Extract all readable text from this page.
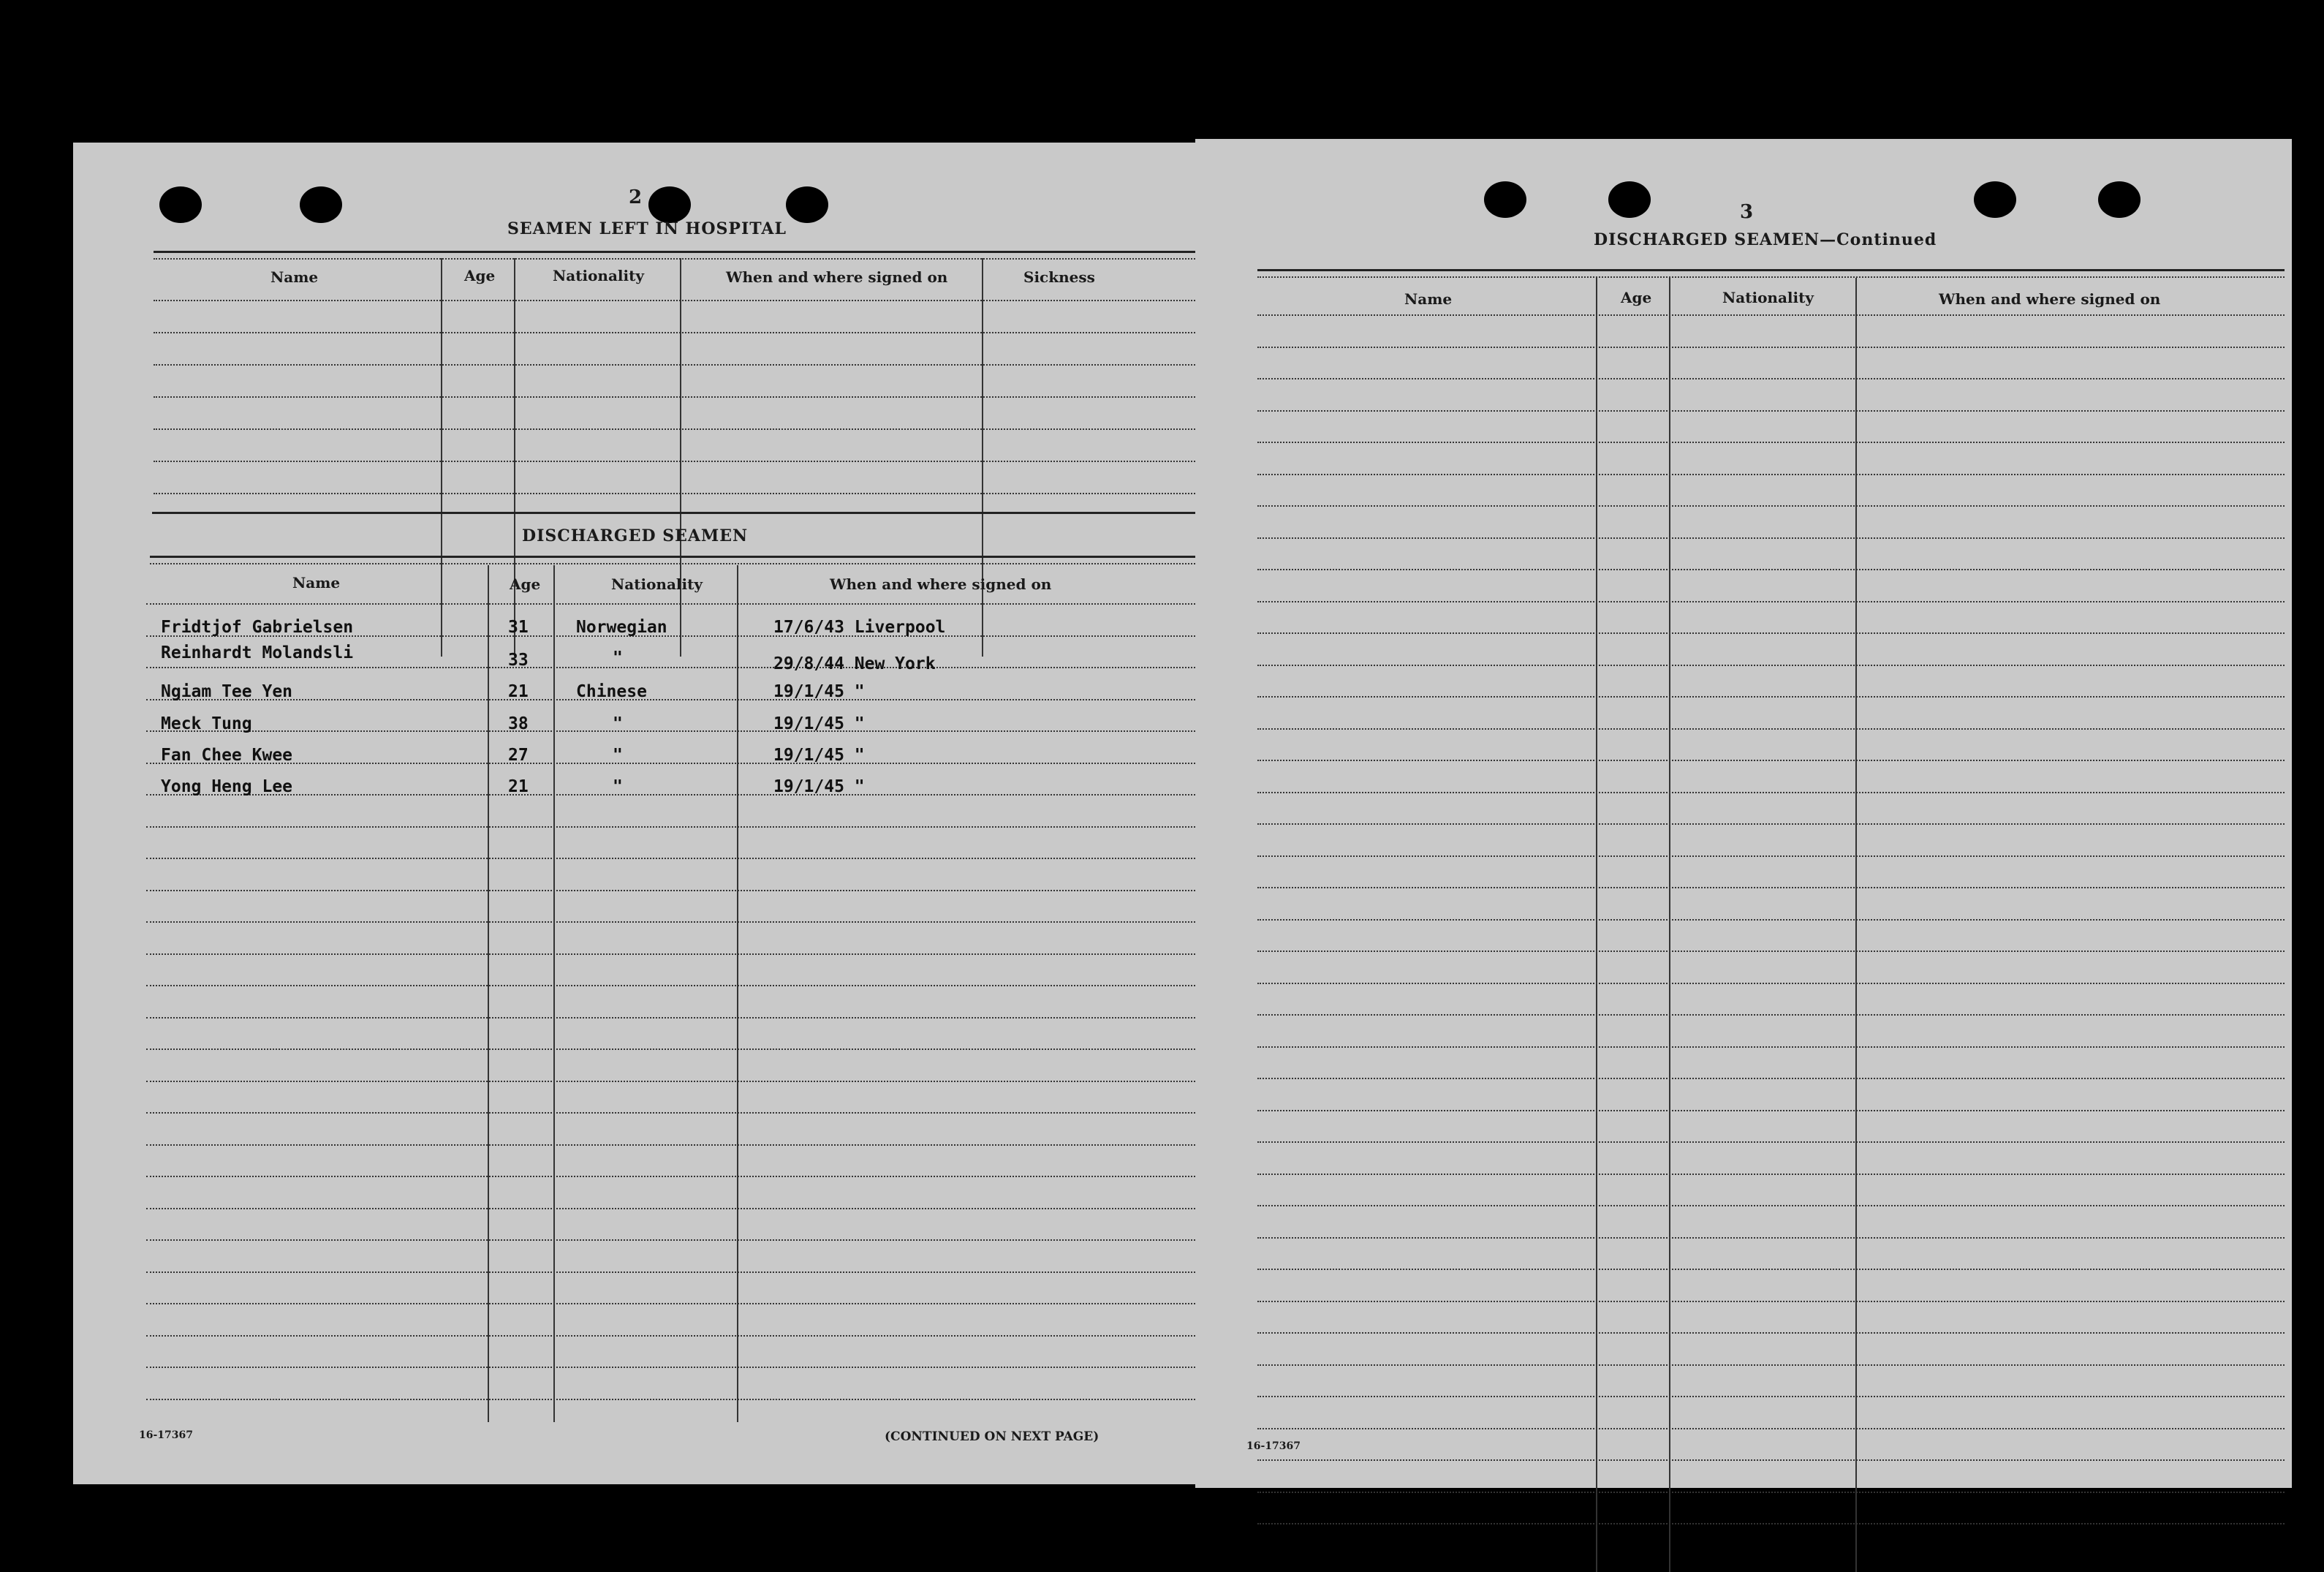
2
SEAMEN LEFT IN HOSPITAL
Name	Age	Nationality	When and where signed on	Sickness
DISCHARGED SEAMEN
Name	Age	Nationality	When and where signed on
Fridtjof Gabrielsen	31	Norwegian	17/6/43 Liverpool
Reinhardt Molandsli	33	"	29/8/44 New York
Ngiam Tee Yen	21	Chinese	19/1/45 "
Meck Tung	38	"	19/1/45 "
Fan Chee Kwee	27	"	19/1/45 "
Yong Heng Lee	21	"	19/1/45 "
16-17367	(CONTINUED ON NEXT PAGE)
3
DISCHARGED SEAMEN—Continued
Name	Age	Nationality	When and where signed on
16-17367
